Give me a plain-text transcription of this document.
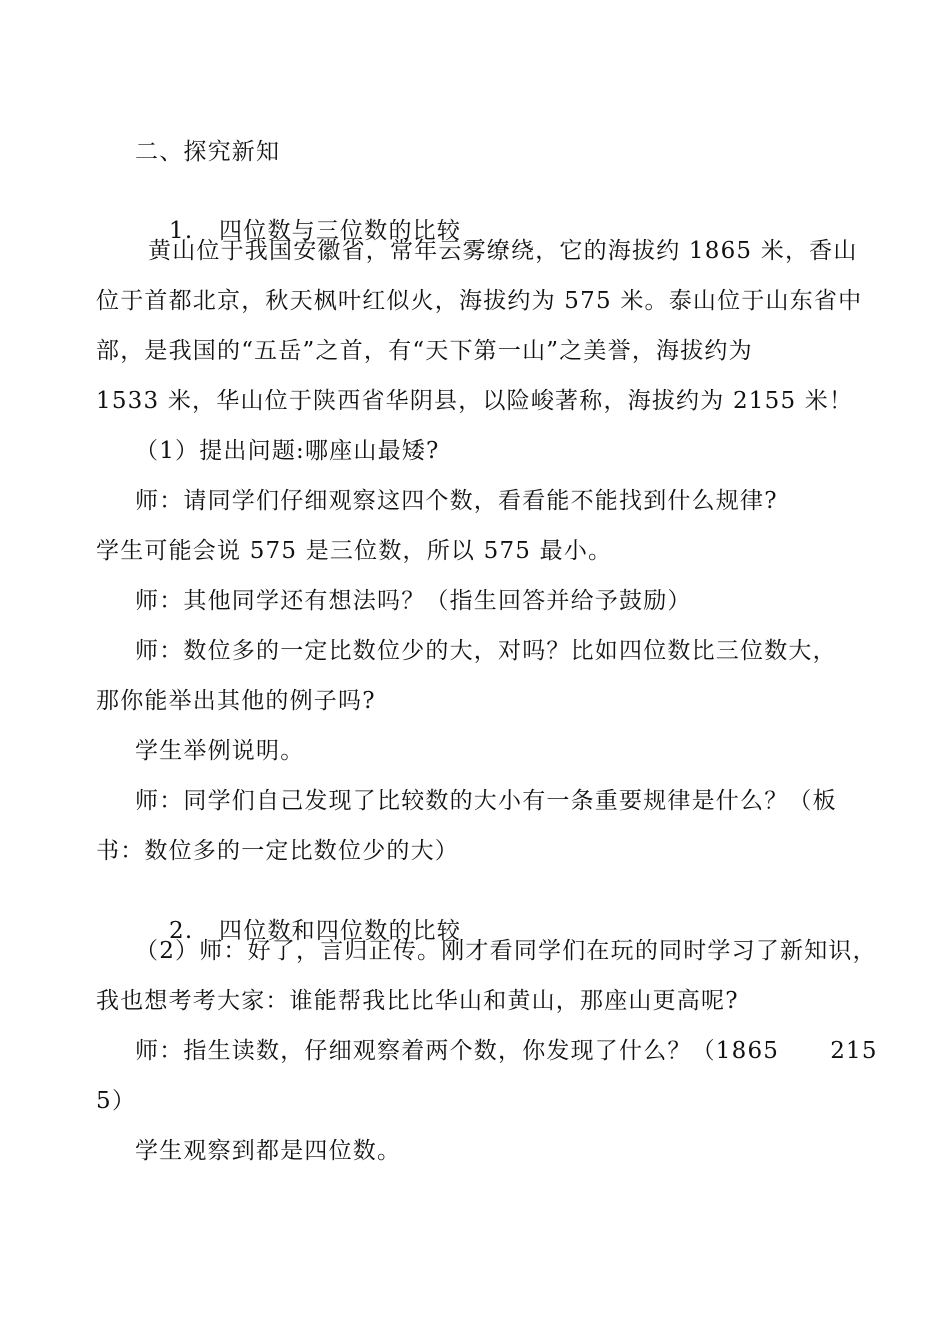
二、探究新知

1. 四位数与三位数的比较

黄山位于我国安徽省，常年云雾缭绕，它的海拔约 1865 米，香山
位于首都北京，秋天枫叶红似火，海拔约为 575 米。泰山位于山东省中
部，是我国的“五岳”之首，有“天下第一山”之美誉，海拔约为
1533 米，华山位于陕西省华阴县，以险峻著称，海拔约为 2155 米！
（1）提出问题:哪座山最矮?
师：请同学们仔细观察这四个数，看看能不能找到什么规律?
学生可能会说 575 是三位数，所以 575 最小。
师：其他同学还有想法吗？（指生回答并给予鼓励）
师：数位多的一定比数位少的大，对吗？比如四位数比三位数大，
那你能举出其他的例子吗?
学生举例说明。
师：同学们自己发现了比较数的大小有一条重要规律是什么？（板
书：数位多的一定比数位少的大）

2. 四位数和四位数的比较

（2）师：好了，言归正传。刚才看同学们在玩的同时学习了新知识，
我也想考考大家：谁能帮我比比华山和黄山，那座山更高呢?
师：指生读数，仔细观察着两个数，你发现了什么？（1865      215
5）
学生观察到都是四位数。
